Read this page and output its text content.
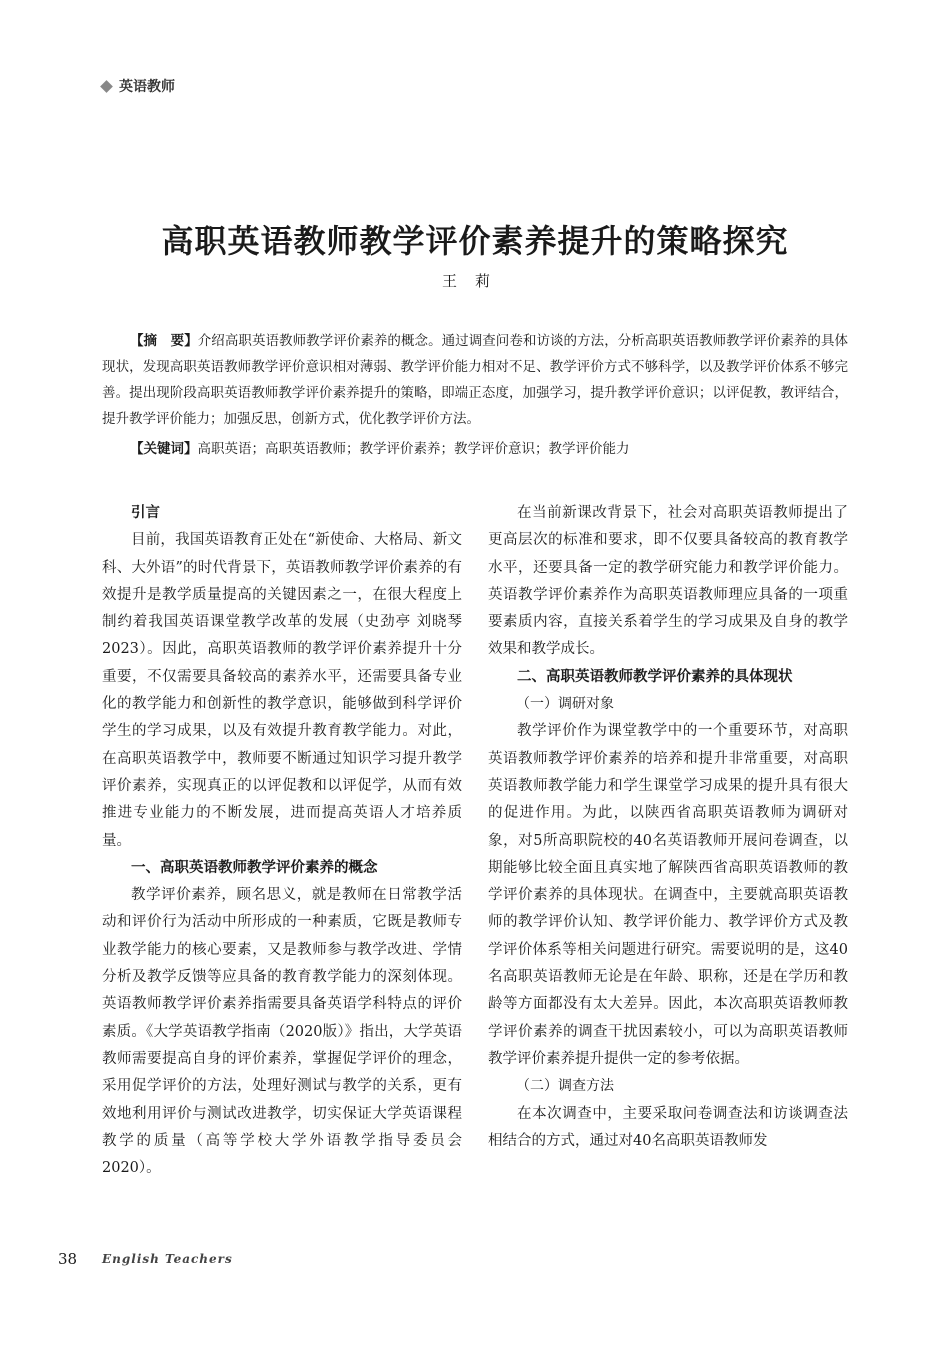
英语教师
高职英语教师教学评价素养提升的策略探究
王莉

【摘　要】介绍高职英语教师教学评价素养的概念。通过调查问卷和访谈的方法，分析高职英语教师教学评价素养的具体现状，发现高职英语教师教学评价意识相对薄弱、教学评价能力相对不足、教学评价方式不够科学，以及教学评价体系不够完善。提出现阶段高职英语教师教学评价素养提升的策略，即端正态度，加强学习，提升教学评价意识；以评促教，教评结合，提升教学评价能力；加强反思，创新方式，优化教学评价方法。

【关键词】高职英语；高职英语教师；教学评价素养；教学评价意识；教学评价能力

引言

目前，我国英语教育正处在“新使命、大格局、新文科、大外语”的时代背景下，英语教师教学评价素养的有效提升是教学质量提高的关键因素之一，在很大程度上制约着我国英语课堂教学改革的发展（史劲亭 刘晓琴 2023）。因此，高职英语教师的教学评价素养提升十分重要，不仅需要具备较高的素养水平，还需要具备专业化的教学能力和创新性的教学意识，能够做到科学评价学生的学习成果，以及有效提升教育教学能力。对此，在高职英语教学中，教师要不断通过知识学习提升教学评价素养，实现真正的以评促教和以评促学，从而有效推进专业能力的不断发展，进而提高英语人才培养质量。

一、高职英语教师教学评价素养的概念

教学评价素养，顾名思义，就是教师在日常教学活动和评价行为活动中所形成的一种素质，它既是教师专业教学能力的核心要素，又是教师参与教学改进、学情分析及教学反馈等应具备的教育教学能力的深刻体现。英语教师教学评价素养指需要具备英语学科特点的评价素质。《大学英语教学指南（2020版）》指出，大学英语教师需要提高自身的评价素养，掌握促学评价的理念，采用促学评价的方法，处理好测试与教学的关系，更有效地利用评价与测试改进教学，切实保证大学英语课程教学的质量（高等学校大学外语教学指导委员会 2020）。

在当前新课改背景下，社会对高职英语教师提出了更高层次的标准和要求，即不仅要具备较高的教育教学水平，还要具备一定的教学研究能力和教学评价能力。英语教学评价素养作为高职英语教师理应具备的一项重要素质内容，直接关系着学生的学习成果及自身的教学效果和教学成长。

二、高职英语教师教学评价素养的具体现状
（一）调研对象

教学评价作为课堂教学中的一个重要环节，对高职英语教师教学评价素养的培养和提升非常重要，对高职英语教师教学能力和学生课堂学习成果的提升具有很大的促进作用。为此，以陕西省高职英语教师为调研对象，对5所高职院校的40名英语教师开展问卷调查，以期能够比较全面且真实地了解陕西省高职英语教师的教学评价素养的具体现状。在调查中，主要就高职英语教师的教学评价认知、教学评价能力、教学评价方式及教学评价体系等相关问题进行研究。需要说明的是，这40名高职英语教师无论是在年龄、职称，还是在学历和教龄等方面都没有太大差异。因此，本次高职英语教师教学评价素养的调查干扰因素较小，可以为高职英语教师教学评价素养提升提供一定的参考依据。

（二）调查方法

在本次调查中，主要采取问卷调查法和访谈调查法相结合的方式，通过对40名高职英语教师发

38 English Teachers
